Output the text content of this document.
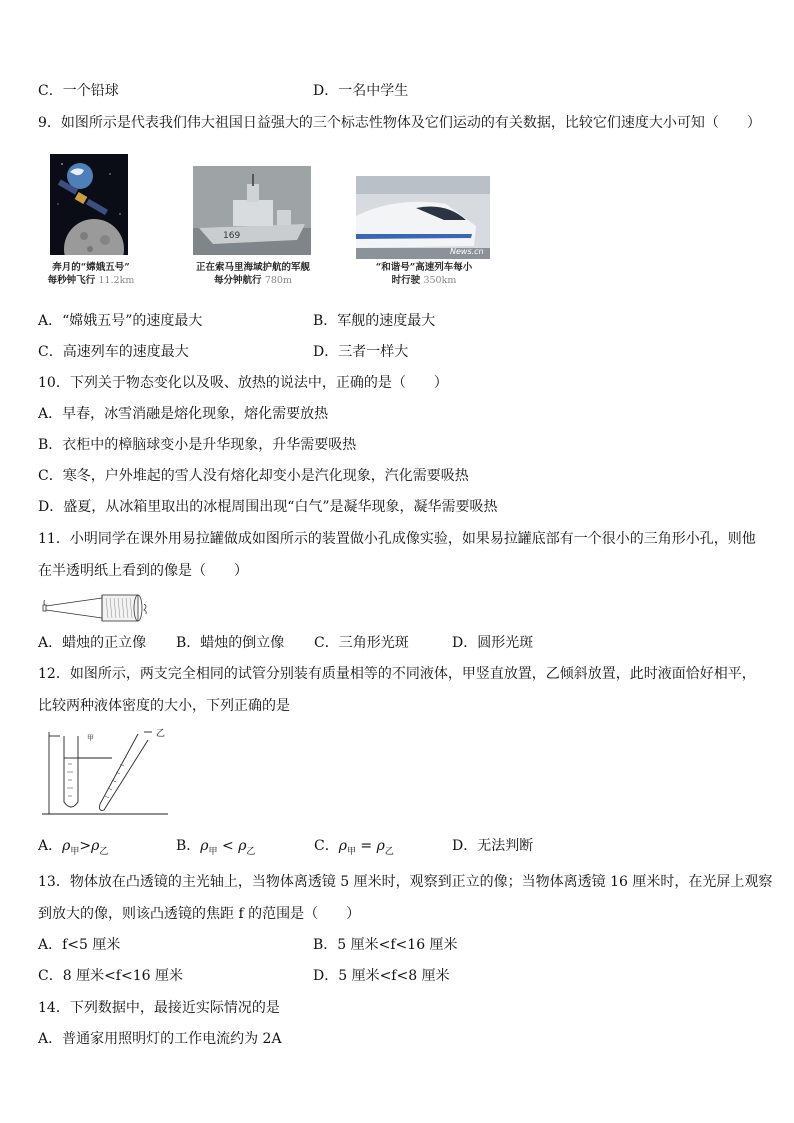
C．一个铅球	D．一名中学生
9．如图所示是代表我们伟大祖国日益强大的三个标志性物体及它们运动的有关数据，比较它们速度大小可知（　　）
奔月的“嫦娥五号”
每秒钟飞行 11.2km
169
正在索马里海域护航的军舰
每分钟航行 780m
News.cn
“和谐号”高速列车每小
时行驶 350km
A．“嫦娥五号”的速度最大	B．军舰的速度最大
C．高速列车的速度最大	D．三者一样大
10．下列关于物态变化以及吸、放热的说法中，正确的是（　　）
A．早春，冰雪消融是熔化现象，熔化需要放热
B．衣柜中的樟脑球变小是升华现象，升华需要吸热
C．寒冬，户外堆起的雪人没有熔化却变小是汽化现象，汽化需要吸热
D．盛夏，从冰箱里取出的冰棍周围出现“白气”是凝华现象，凝华需要吸热
11．小明同学在课外用易拉罐做成如图所示的装置做小孔成像实验，如果易拉罐底部有一个很小的三角形小孔，则他
在半透明纸上看到的像是（　　）
A．蜡烛的正立像 B．蜡烛的倒立像 C．三角形光斑	D．圆形光斑
12．如图所示，两支完全相同的试管分别装有质量相等的不同液体，甲竖直放置，乙倾斜放置，此时液面恰好相平，
比较两种液体密度的大小，下列正确的是
甲	乙
A．$\rho_甲>\rho_乙$	B．$\rho_甲 < \rho_乙$	C．$\rho_甲 = \rho_乙$	D．无法判断
13．物体放在凸透镜的主光轴上，当物体离透镜 5 厘米时，观察到正立的像；当物体离透镜 16 厘米时，在光屏上观察
到放大的像，则该凸透镜的焦距 f 的范围是（　　）
A．f<5 厘米	B．5 厘米<f<16 厘米
C．8 厘米<f<16 厘米	D．5 厘米<f<8 厘米
14．下列数据中，最接近实际情况的是
A．普通家用照明灯的工作电流约为 2A
